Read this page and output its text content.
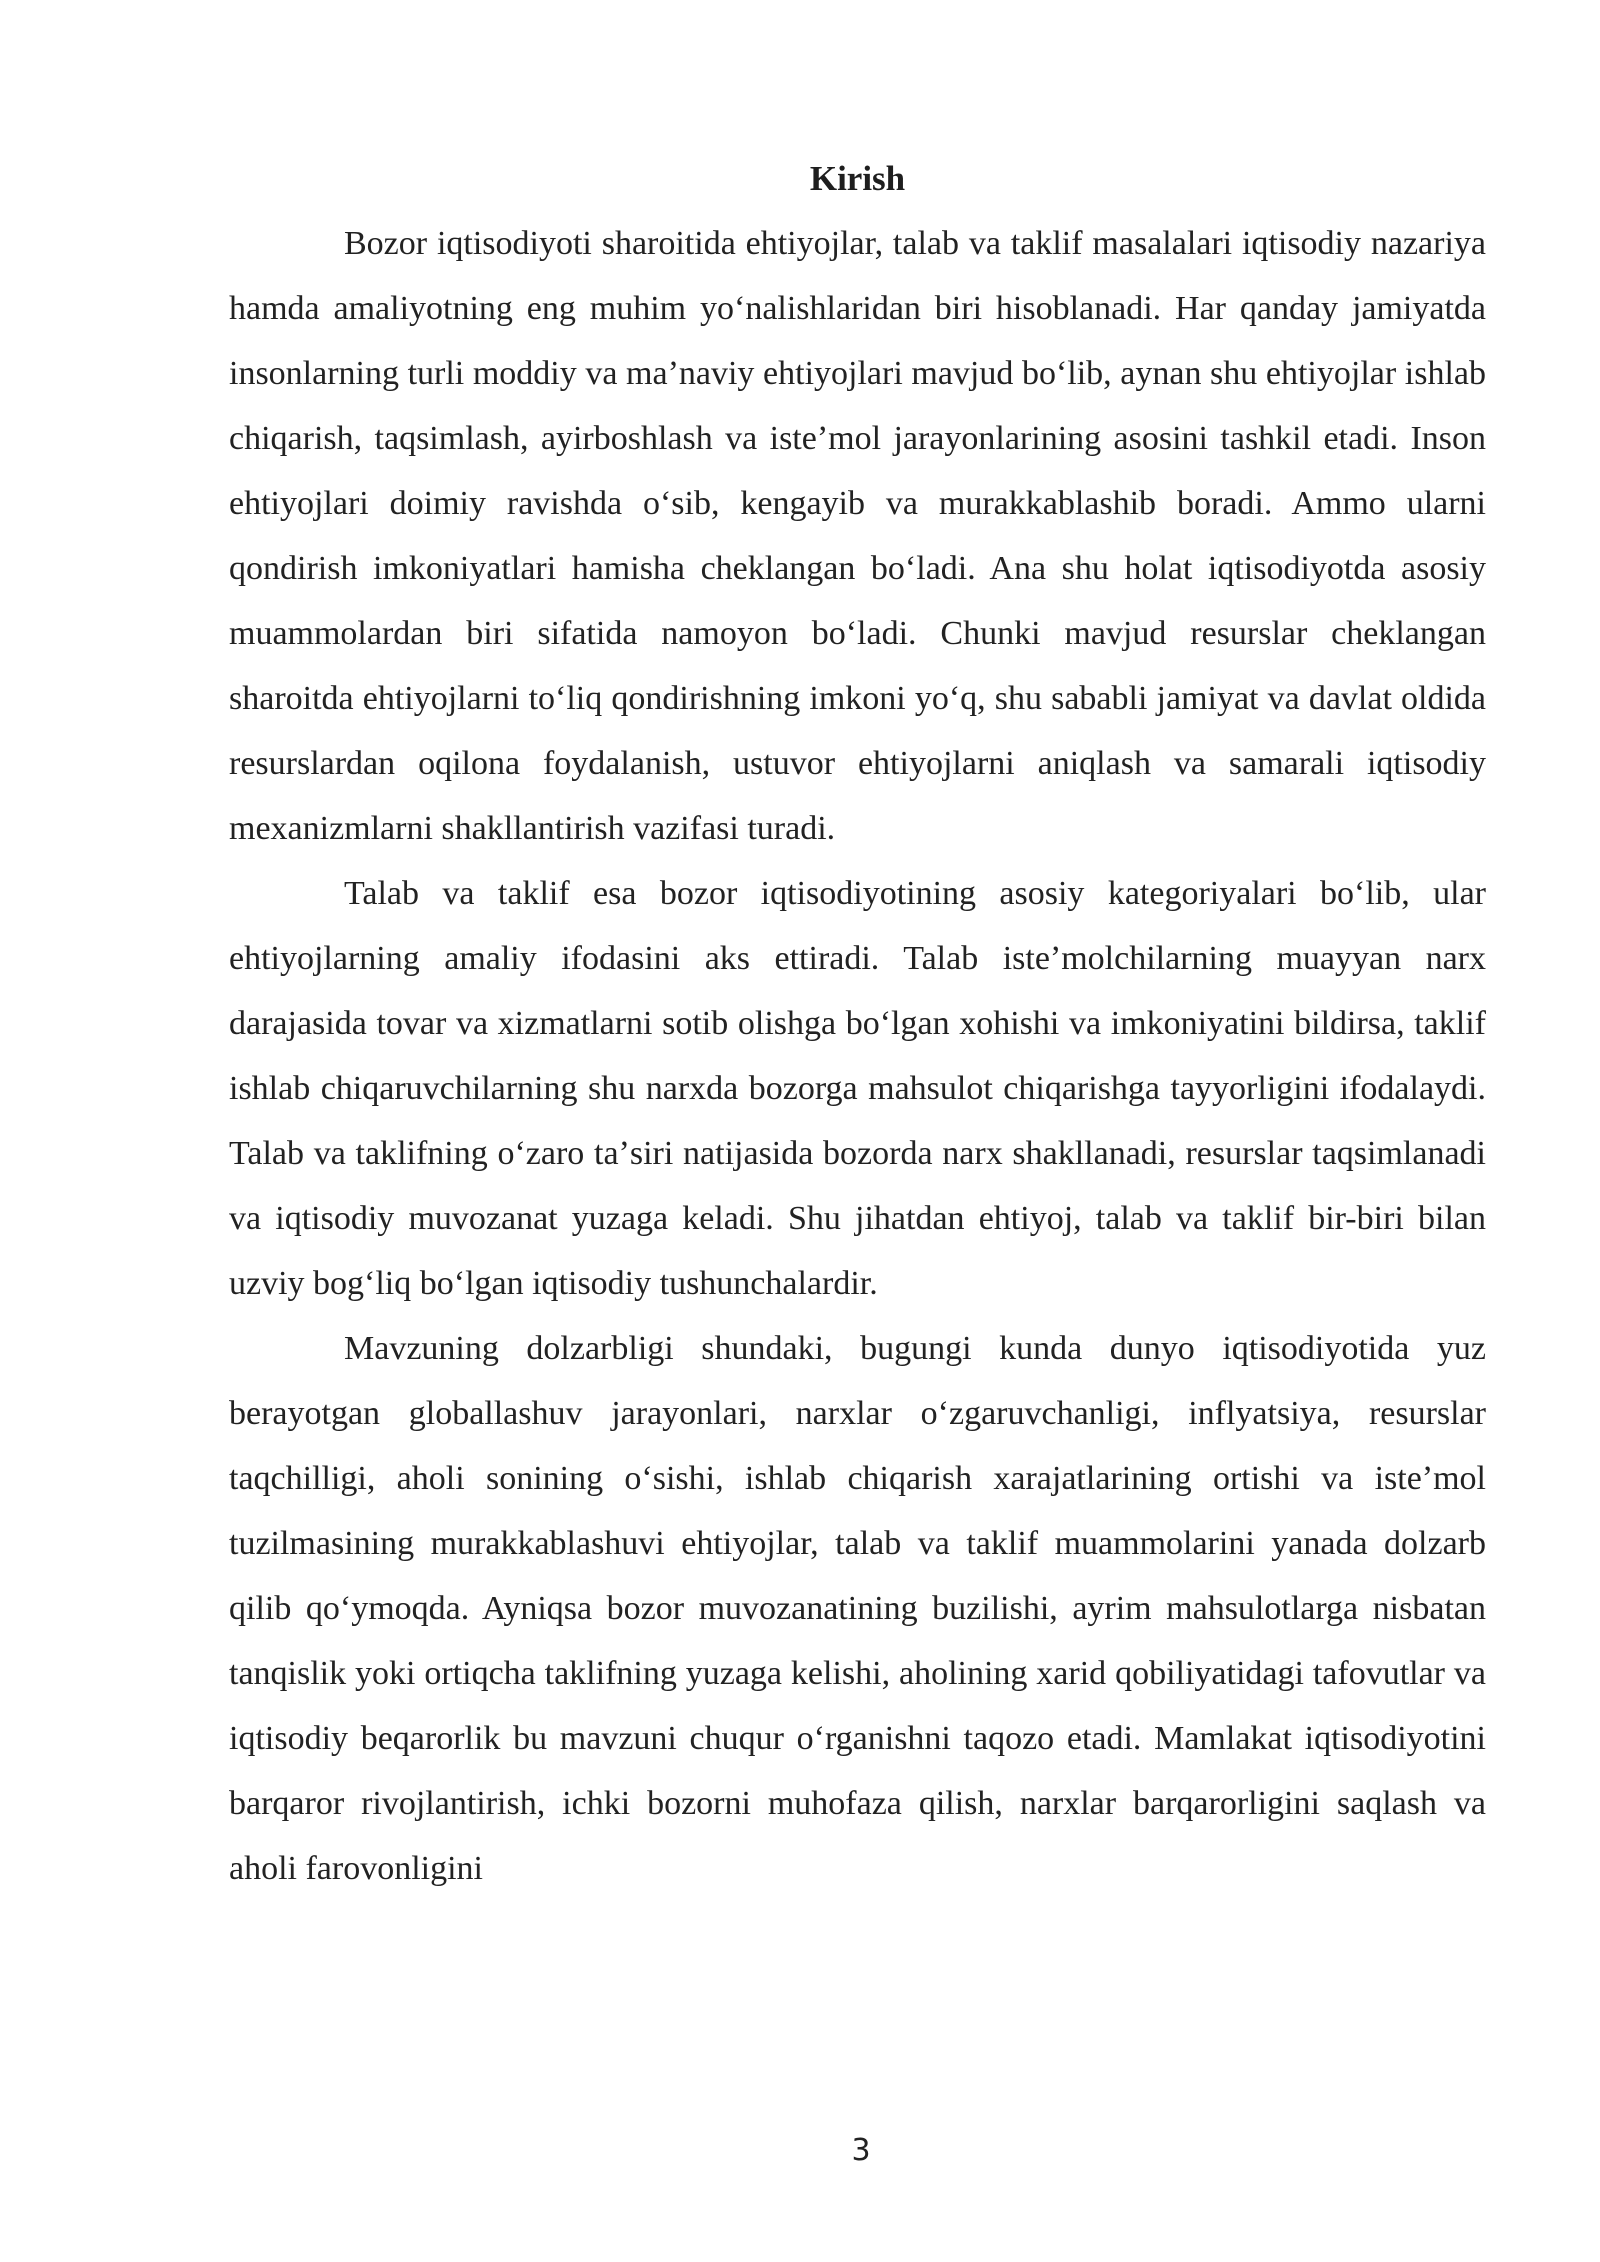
Kirish

Bozor iqtisodiyoti sharoitida ehtiyojlar, talab va taklif masalalari iqtisodiy nazariya hamda amaliyotning eng muhim yoʻnalishlaridan biri hisoblanadi. Har qanday jamiyatda insonlarning turli moddiy va maʼnaviy ehtiyojlari mavjud boʻlib, aynan shu ehtiyojlar ishlab chiqarish, taqsimlash, ayirboshlash va isteʼmol jarayonlarining asosini tashkil etadi. Inson ehtiyojlari doimiy ravishda oʻsib, kengayib va murakkablashib boradi. Ammo ularni qondirish imkoniyatlari hamisha cheklangan boʻladi. Ana shu holat iqtisodiyotda asosiy muammolardan biri sifatida namoyon boʻladi. Chunki mavjud resurslar cheklangan sharoitda ehtiyojlarni toʻliq qondirishning imkoni yoʻq, shu sababli jamiyat va davlat oldida resurslardan oqilona foydalanish, ustuvor ehtiyojlarni aniqlash va samarali iqtisodiy mexanizmlarni shakllantirish vazifasi turadi.

Talab va taklif esa bozor iqtisodiyotining asosiy kategoriyalari boʻlib, ular ehtiyojlarning amaliy ifodasini aks ettiradi. Talab isteʼmolchilarning muayyan narx darajasida tovar va xizmatlarni sotib olishga boʻlgan xohishi va imkoniyatini bildirsa, taklif ishlab chiqaruvchilarning shu narxda bozorga mahsulot chiqarishga tayyorligini ifodalaydi. Talab va taklifning oʻzaro taʼsiri natijasida bozorda narx shakllanadi, resurslar taqsimlanadi va iqtisodiy muvozanat yuzaga keladi. Shu jihatdan ehtiyoj, talab va taklif bir-biri bilan uzviy bogʻliq boʻlgan iqtisodiy tushunchalardir.

Mavzuning dolzarbligi shundaki, bugungi kunda dunyo iqtisodiyotida yuz berayotgan globallashuv jarayonlari, narxlar oʻzgaruvchanligi, inflyatsiya, resurslar taqchilligi, aholi sonining oʻsishi, ishlab chiqarish xarajatlarining ortishi va isteʼmol tuzilmasining murakkablashuvi ehtiyojlar, talab va taklif muammolarini yanada dolzarb qilib qoʻymoqda. Ayniqsa bozor muvozanatining buzilishi, ayrim mahsulotlarga nisbatan tanqislik yoki ortiqcha taklifning yuzaga kelishi, aholining xarid qobiliyatidagi tafovutlar va iqtisodiy beqarorlik bu mavzuni chuqur oʻrganishni taqozo etadi. Mamlakat iqtisodiyotini barqaror rivojlantirish, ichki bozorni muhofaza qilish, narxlar barqarorligini saqlash va aholi farovonligini

3
